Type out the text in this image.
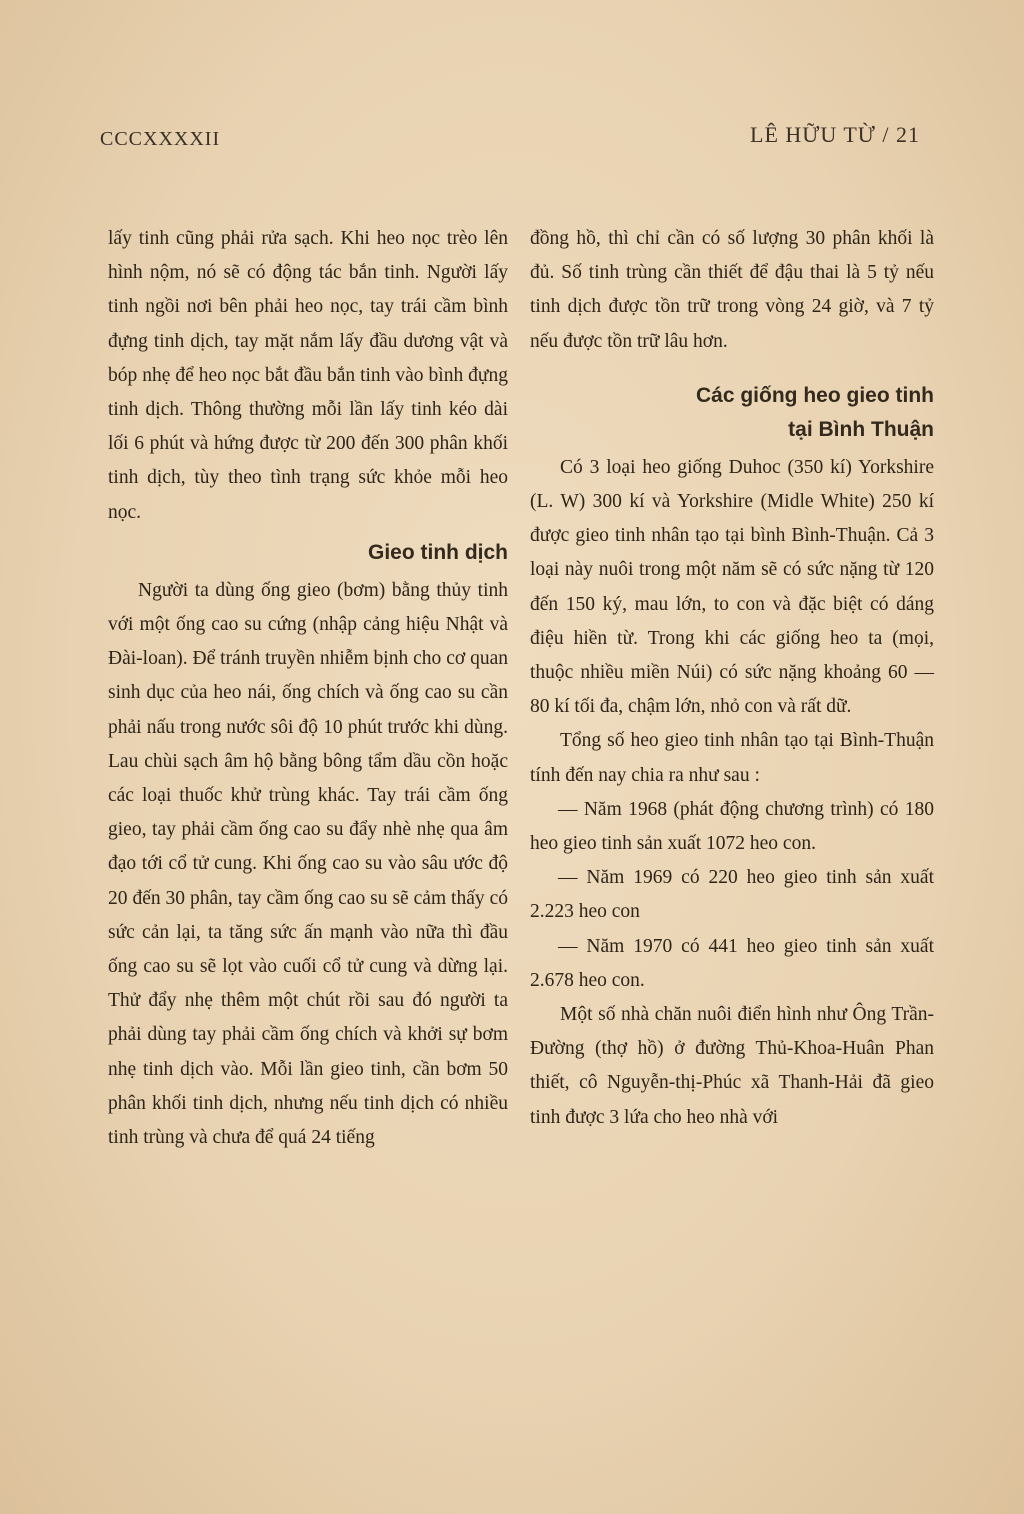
CCCXXXXII	LÊ HỮU TỪ / 21

lấy tinh cũng phải rửa sạch. Khi heo nọc trèo lên hình nộm, nó sẽ có động tác bắn tinh. Người lấy tinh ngồi nơi bên phải heo nọc, tay trái cầm bình đựng tinh dịch, tay mặt nắm lấy đầu dương vật và bóp nhẹ để heo nọc bắt đầu bắn tinh vào bình đựng tinh dịch. Thông thường mỗi lần lấy tinh kéo dài lối 6 phút và hứng được từ 200 đến 300 phân khối tinh dịch, tùy theo tình trạng sức khỏe mỗi heo nọc.

Gieo tinh dịch

Người ta dùng ống gieo (bơm) bằng thủy tinh với một ống cao su cứng (nhập cảng hiệu Nhật và Đài-loan). Để tránh truyền nhiễm bịnh cho cơ quan sinh dục của heo nái, ống chích và ống cao su cần phải nấu trong nước sôi độ 10 phút trước khi dùng. Lau chùi sạch âm hộ bằng bông tẩm dầu cồn hoặc các loại thuốc khử trùng khác. Tay trái cầm ống gieo, tay phải cầm ống cao su đẩy nhè nhẹ qua âm đạo tới cổ tử cung. Khi ống cao su vào sâu ước độ 20 đến 30 phân, tay cầm ống cao su sẽ cảm thấy có sức cản lại, ta tăng sức ấn mạnh vào nữa thì đầu ống cao su sẽ lọt vào cuối cổ tử cung và dừng lại. Thử đẩy nhẹ thêm một chút rồi sau đó người ta phải dùng tay phải cầm ống chích và khởi sự bơm nhẹ tinh dịch vào. Mỗi lần gieo tinh, cần bơm 50 phân khối tinh dịch, nhưng nếu tinh dịch có nhiều tinh trùng và chưa để quá 24 tiếng

đồng hồ, thì chỉ cần có số lượng 30 phân khối là đủ. Số tinh trùng cần thiết để đậu thai là 5 tỷ nếu tinh dịch được tồn trữ trong vòng 24 giờ, và 7 tỷ nếu được tồn trữ lâu hơn.

Các giống heo gieo tinh
tại Bình Thuận

Có 3 loại heo giống Duhoc (350 kí) Yorkshire (L. W) 300 kí và Yorkshire (Midle White) 250 kí được gieo tinh nhân tạo tại bình Bình-Thuận. Cả 3 loại này nuôi trong một năm sẽ có sức nặng từ 120 đến 150 ký, mau lớn, to con và đặc biệt có dáng điệu hiền từ. Trong khi các giống heo ta (mọi, thuộc nhiều miền Núi) có sức nặng khoảng 60 — 80 kí tối đa, chậm lớn, nhỏ con và rất dữ.

Tổng số heo gieo tinh nhân tạo tại Bình-Thuận tính đến nay chia ra như sau :

— Năm 1968 (phát động chương trình) có 180 heo gieo tinh sản xuất 1072 heo con.

— Năm 1969 có 220 heo gieo tinh sản xuất 2.223 heo con

— Năm 1970 có 441 heo gieo tinh sản xuất 2.678 heo con.

Một số nhà chăn nuôi điển hình như Ông Trần-Đường (thợ hồ) ở đường Thủ-Khoa-Huân Phan thiết, cô Nguyễn-thị-Phúc xã Thanh-Hải đã gieo tinh được 3 lứa cho heo nhà với
